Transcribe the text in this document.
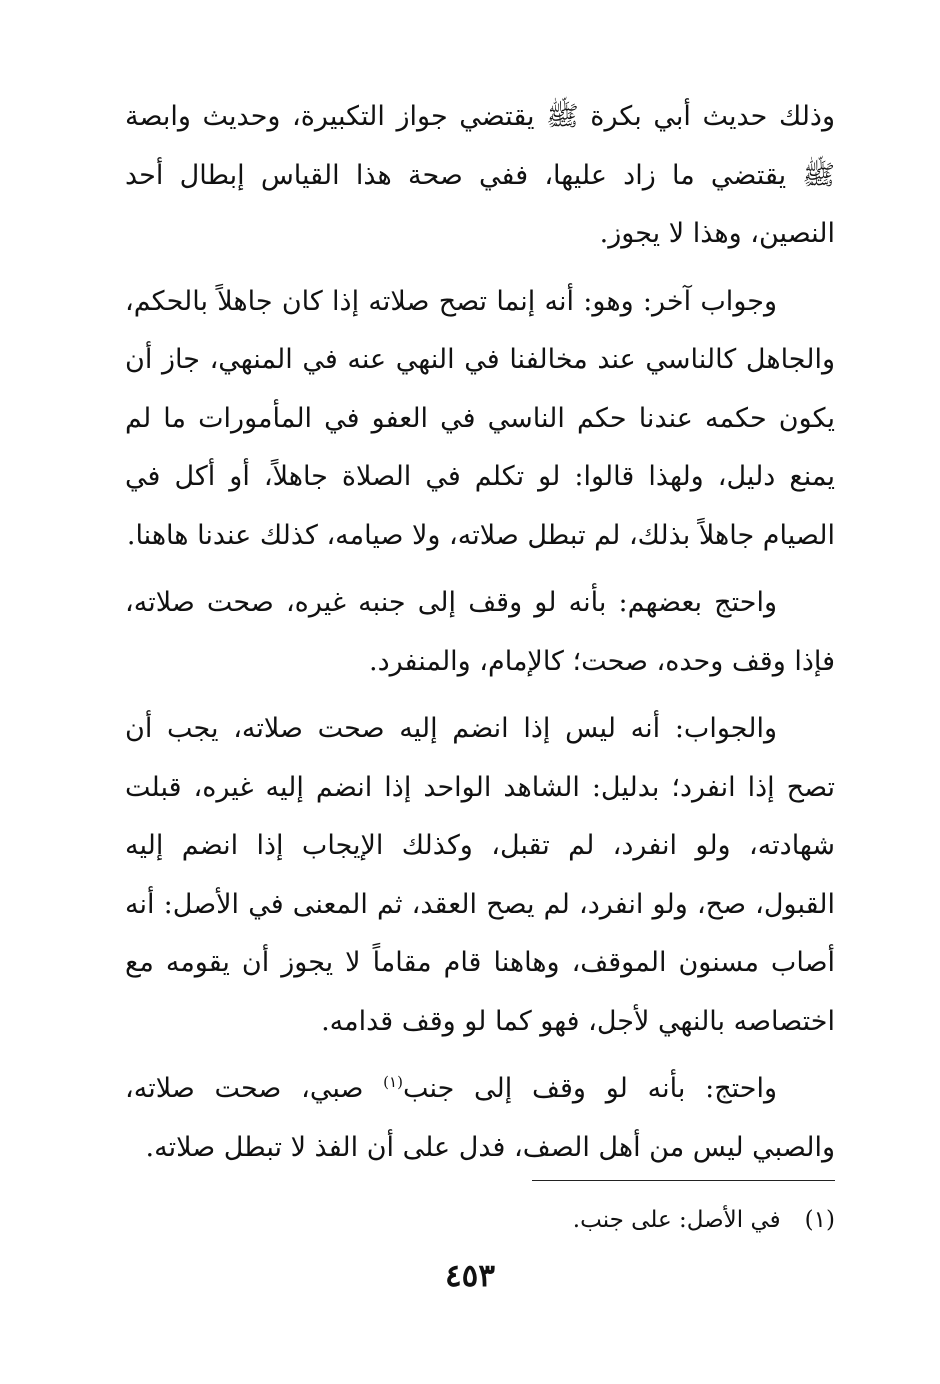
وذلك حديث أبي بكرة ﷺ يقتضي جواز التكبيرة، وحديث وابصة ﷺ يقتضي ما زاد عليها، ففي صحة هذا القياس إبطال أحد النصين، وهذا لا يجوز.

وجواب آخر: وهو: أنه إنما تصح صلاته إذا كان جاهلاً بالحكم، والجاهل كالناسي عند مخالفنا في النهي عنه في المنهي، جاز أن يكون حكمه عندنا حكم الناسي في العفو في المأمورات ما لم يمنع دليل، ولهذا قالوا: لو تكلم في الصلاة جاهلاً، أو أكل في الصيام جاهلاً بذلك، لم تبطل صلاته، ولا صيامه، كذلك عندنا هاهنا.

واحتج بعضهم: بأنه لو وقف إلى جنبه غيره، صحت صلاته، فإذا وقف وحده، صحت؛ كالإمام، والمنفرد.

والجواب: أنه ليس إذا انضم إليه صحت صلاته، يجب أن تصح إذا انفرد؛ بدليل: الشاهد الواحد إذا انضم إليه غيره، قبلت شهادته، ولو انفرد، لم تقبل، وكذلك الإيجاب إذا انضم إليه القبول، صح، ولو انفرد، لم يصح العقد، ثم المعنى في الأصل: أنه أصاب مسنون الموقف، وهاهنا قام مقاماً لا يجوز أن يقومه مع اختصاصه بالنهي لأجل، فهو كما لو وقف قدامه.

واحتج: بأنه لو وقف إلى جنب$^{(١)}$ صبي، صحت صلاته، والصبي ليس من أهل الصف، فدل على أن الفذ لا تبطل صلاته.

(١)في الأصل: على جنب.
٤٥٣
